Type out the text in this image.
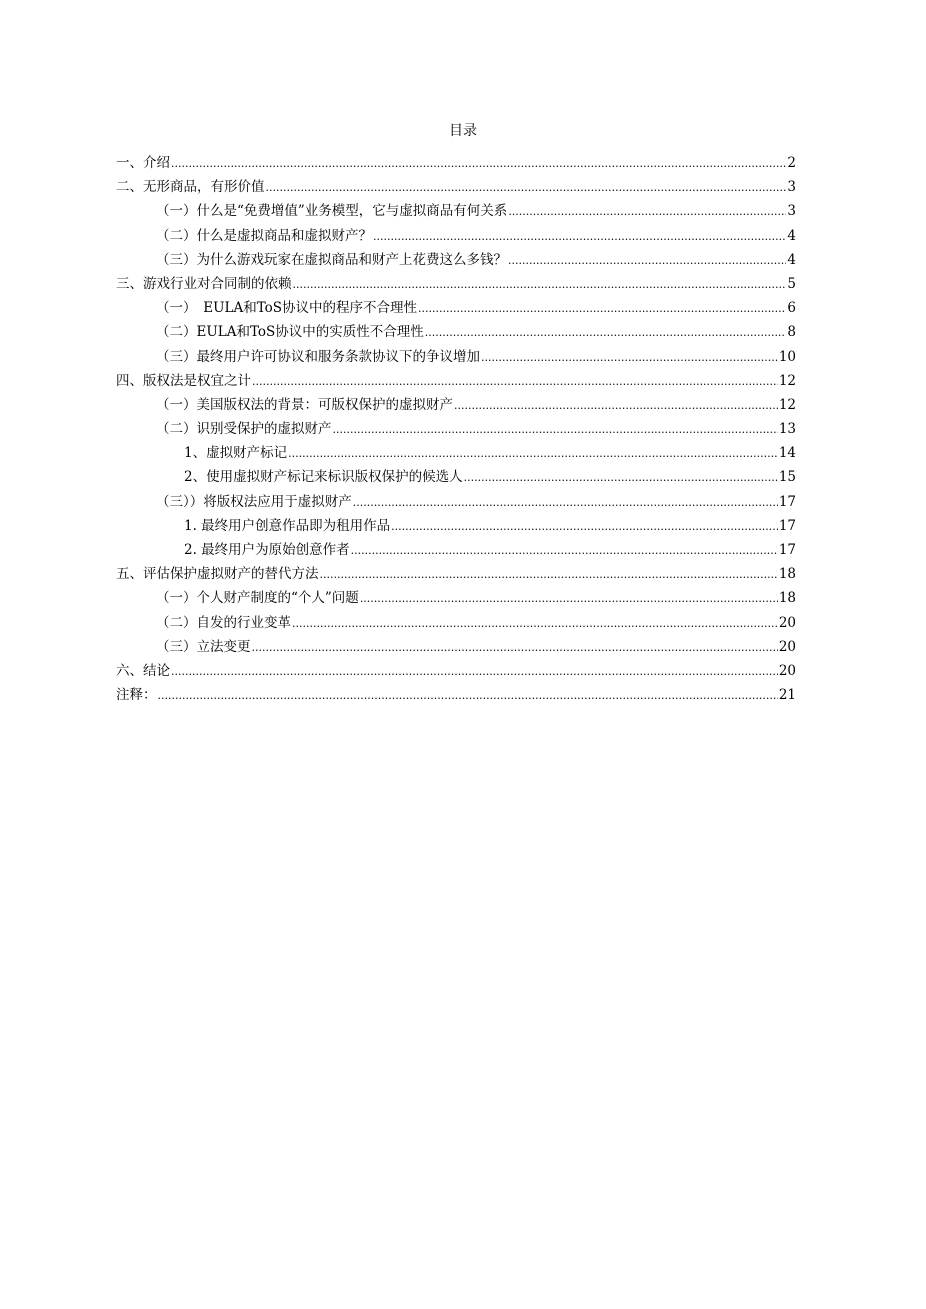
目录
一、介绍 .....	2
二、无形商品，有形价值 .....	3
（一）什么是“免费增值”业务模型，它与虚拟商品有何关系 .....	3
（二）什么是虚拟商品和虚拟财产？ .....	4
（三）为什么游戏玩家在虚拟商品和财产上花费这么多钱？ .....	4
三、游戏行业对合同制的依赖 .....	5
（一）　EULA和ToS协议中的程序不合理性 .....	6
（二）EULA和ToS协议中的实质性不合理性 .....	8
（三）最终用户许可协议和服务条款协议下的争议增加 .....	10
四、版权法是权宜之计 .....	12
（一）美国版权法的背景：可版权保护的虚拟财产 .....	12
（二）识别受保护的虚拟财产 .....	13
1、虚拟财产标记 .....	14
2、使用虚拟财产标记来标识版权保护的候选人 .....	15
（三））将版权法应用于虚拟财产 .....	17
1. 最终用户创意作品即为租用作品 .....	17
2. 最终用户为原始创意作者 .....	17
五、评估保护虚拟财产的替代方法 .....	18
（一）个人财产制度的“个人”问题 .....	18
（二）自发的行业变革 .....	20
（三）立法变更 .....	20
六、结论 .....	20
注释： .....	21
